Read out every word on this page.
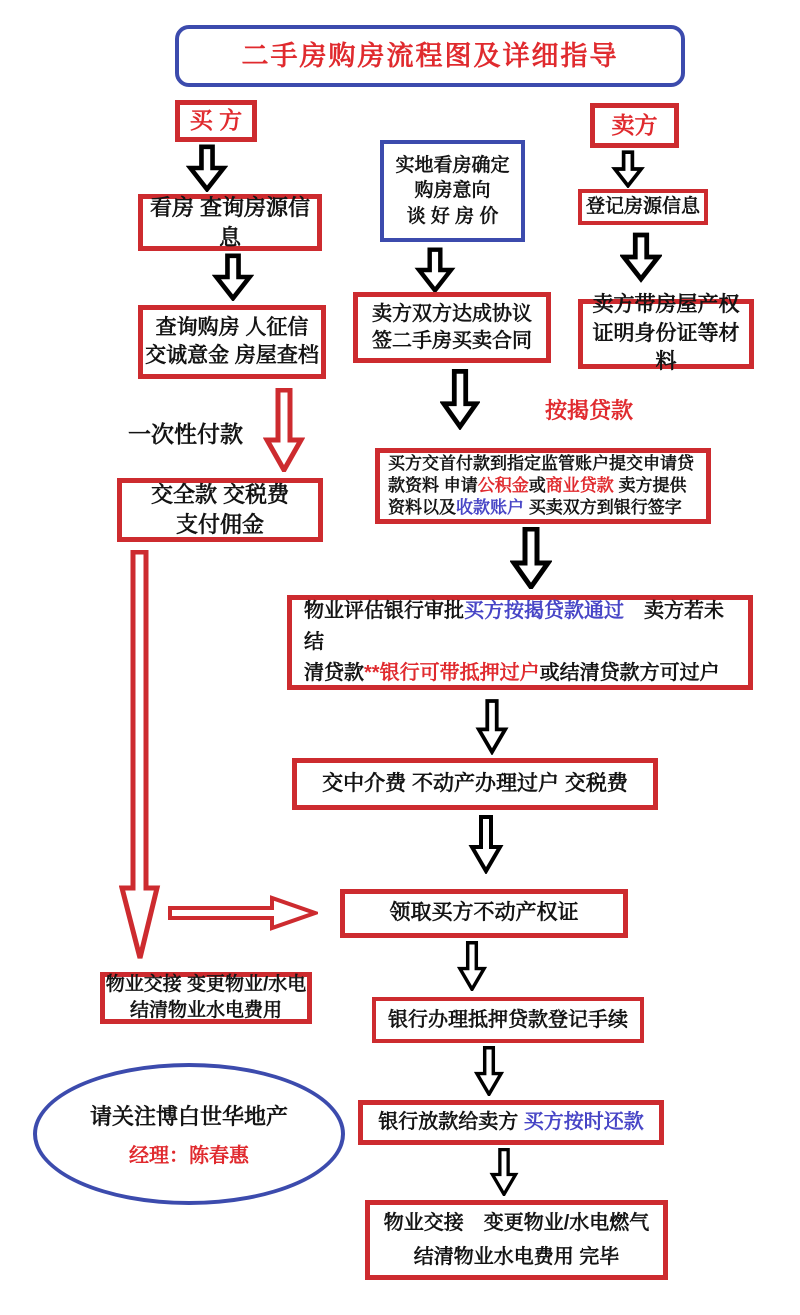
二手房购房流程图及详细指导
买 方
看房 查询房源信息
查询购房 人征信
交诚意金 房屋查档
一次性付款
交全款 交税费
支付佣金
物业交接 变更物业/水电
结清物业水电费用
请关注博白世华地产
经理：陈春惠
实地看房确定
购房意向
谈 好 房 价
卖方双方达成协议
签二手房买卖合同
按揭贷款
买方交首付款到指定监管账户提交申请贷
款资料 申请公积金或商业贷款 卖方提供
资料以及收款账户 买卖双方到银行签字
物业评估银行审批买方按揭贷款通过　卖方若未结
清贷款**银行可带抵押过户或结清贷款方可过户
交中介费 不动产办理过户 交税费
领取买方不动产权证
银行办理抵押贷款登记手续
银行放款给卖方 买方按时还款
物业交接　变更物业/水电燃气
结清物业水电费用 完毕
卖方
登记房源信息
卖方带房屋产权
证明身份证等材料
